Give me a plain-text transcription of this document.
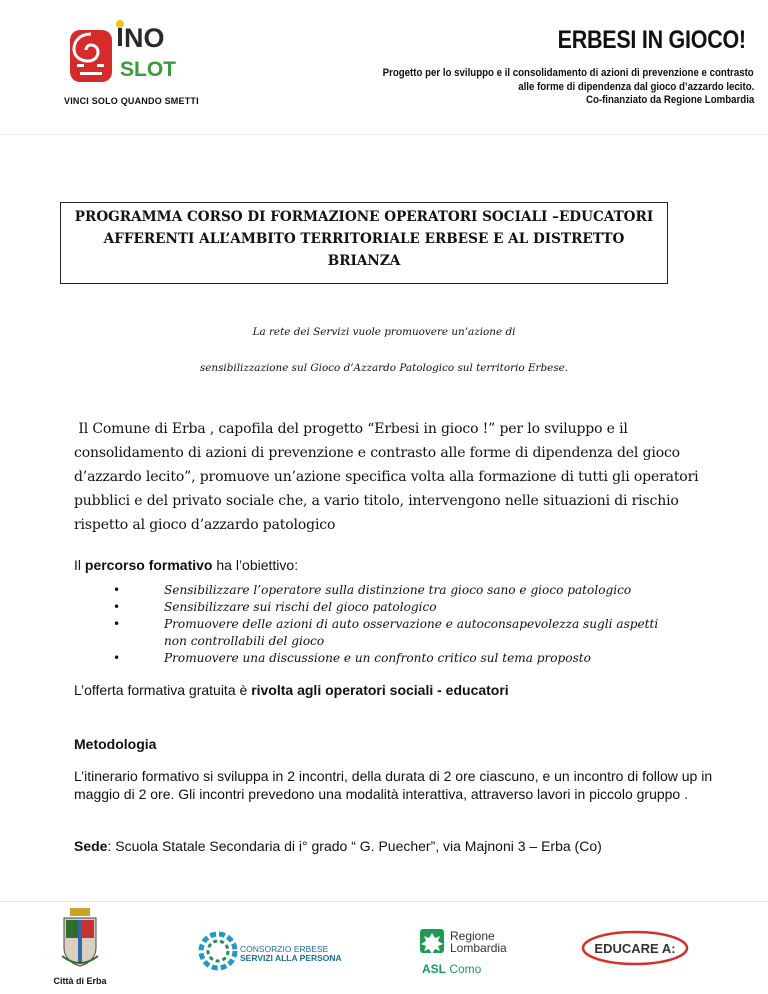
NO
SLOT
VINCI SOLO QUANDO SMETTI
ERBESI IN GIOCO!
Progetto per lo sviluppo e il consolidamento di azioni di prevenzione e contrasto
alle forme di dipendenza dal gioco d’azzardo lecito.
Co-finanziato da Regione Lombardia
PROGRAMMA CORSO DI FORMAZIONE OPERATORI SOCIALI –EDUCATORI
AFFERENTI ALL’AMBITO TERRITORIALE ERBESE E AL DISTRETTO
BRIANZA
La rete dei Servizi vuole promuovere un’azione di
sensibilizzazione sul Gioco d’Azzardo Patologico sul territorio Erbese.

Il Comune di Erba , capofila del progetto “Erbesi in gioco !” per lo sviluppo e il consolidamento di azioni di prevenzione e contrasto alle forme di dipendenza del gioco d’azzardo lecito”, promuove un’azione specifica volta alla formazione di tutti gli operatori pubblici e del privato sociale che, a vario titolo, intervengono nelle situazioni di rischio rispetto al gioco d’azzardo patologico

Il percorso formativo ha l’obiettivo:
• Sensibilizzare l’operatore sulla distinzione tra gioco sano e gioco patologico
• Sensibilizzare sui rischi del gioco patologico
• Promuovere delle azioni di auto osservazione e autoconsapevolezza sugli aspetti non controllabili del gioco
• Promuovere una discussione e un confronto critico sul tema proposto
L’offerta formativa gratuita è rivolta agli operatori sociali - educatori
Metodologia

L’itinerario formativo si sviluppa in 2 incontri, della durata di 2 ore ciascuno, e un incontro di follow up in maggio di 2 ore. Gli incontri prevedono una modalità interattiva, attraverso lavori in piccolo gruppo .

Sede: Scuola Statale Secondaria di i° grado “ G. Puecher”, via Majnoni 3 – Erba (Co)
Città di Erba
CONSORZIO ERBESE
SERVIZI ALLA PERSONA
Regione
Lombardia
ASL Como
EDUCARE A:
